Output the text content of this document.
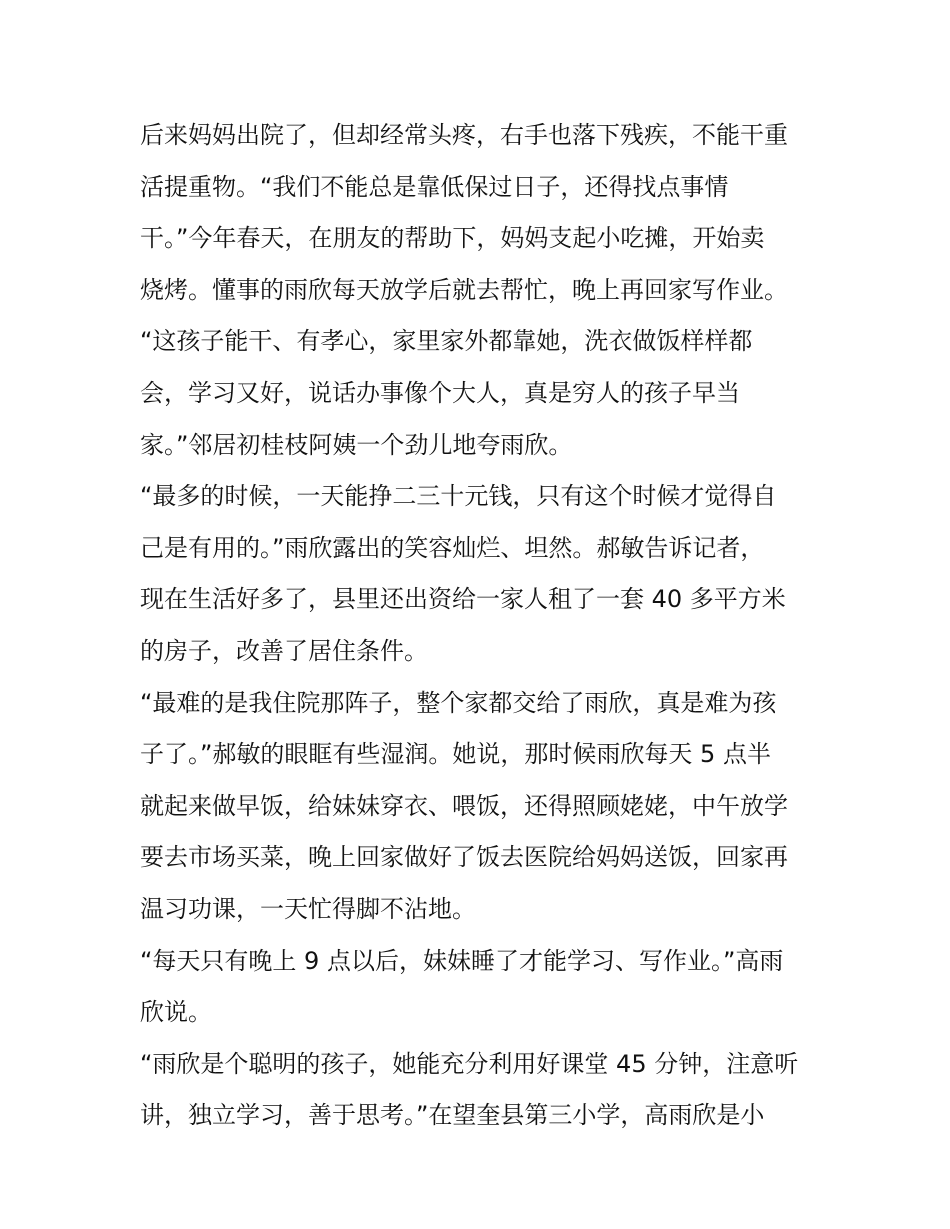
后来妈妈出院了，但却经常头疼，右手也落下残疾，不能干重
活提重物。“我们不能总是靠低保过日子，还得找点事情
干。”今年春天，在朋友的帮助下，妈妈支起小吃摊，开始卖
烧烤。懂事的雨欣每天放学后就去帮忙，晚上再回家写作业。
“这孩子能干、有孝心，家里家外都靠她，洗衣做饭样样都
会，学习又好，说话办事像个大人，真是穷人的孩子早当
家。”邻居初桂枝阿姨一个劲儿地夸雨欣。
“最多的时候，一天能挣二三十元钱，只有这个时候才觉得自
己是有用的。”雨欣露出的笑容灿烂、坦然。郝敏告诉记者，
现在生活好多了，县里还出资给一家人租了一套 40 多平方米
的房子，改善了居住条件。
“最难的是我住院那阵子，整个家都交给了雨欣，真是难为孩
子了。”郝敏的眼眶有些湿润。她说，那时候雨欣每天 5 点半
就起来做早饭，给妹妹穿衣、喂饭，还得照顾姥姥，中午放学
要去市场买菜，晚上回家做好了饭去医院给妈妈送饭，回家再
温习功课，一天忙得脚不沾地。
“每天只有晚上 9 点以后，妹妹睡了才能学习、写作业。”高雨
欣说。
“雨欣是个聪明的孩子，她能充分利用好课堂 45 分钟，注意听
讲，独立学习，善于思考。”在望奎县第三小学，高雨欣是小
